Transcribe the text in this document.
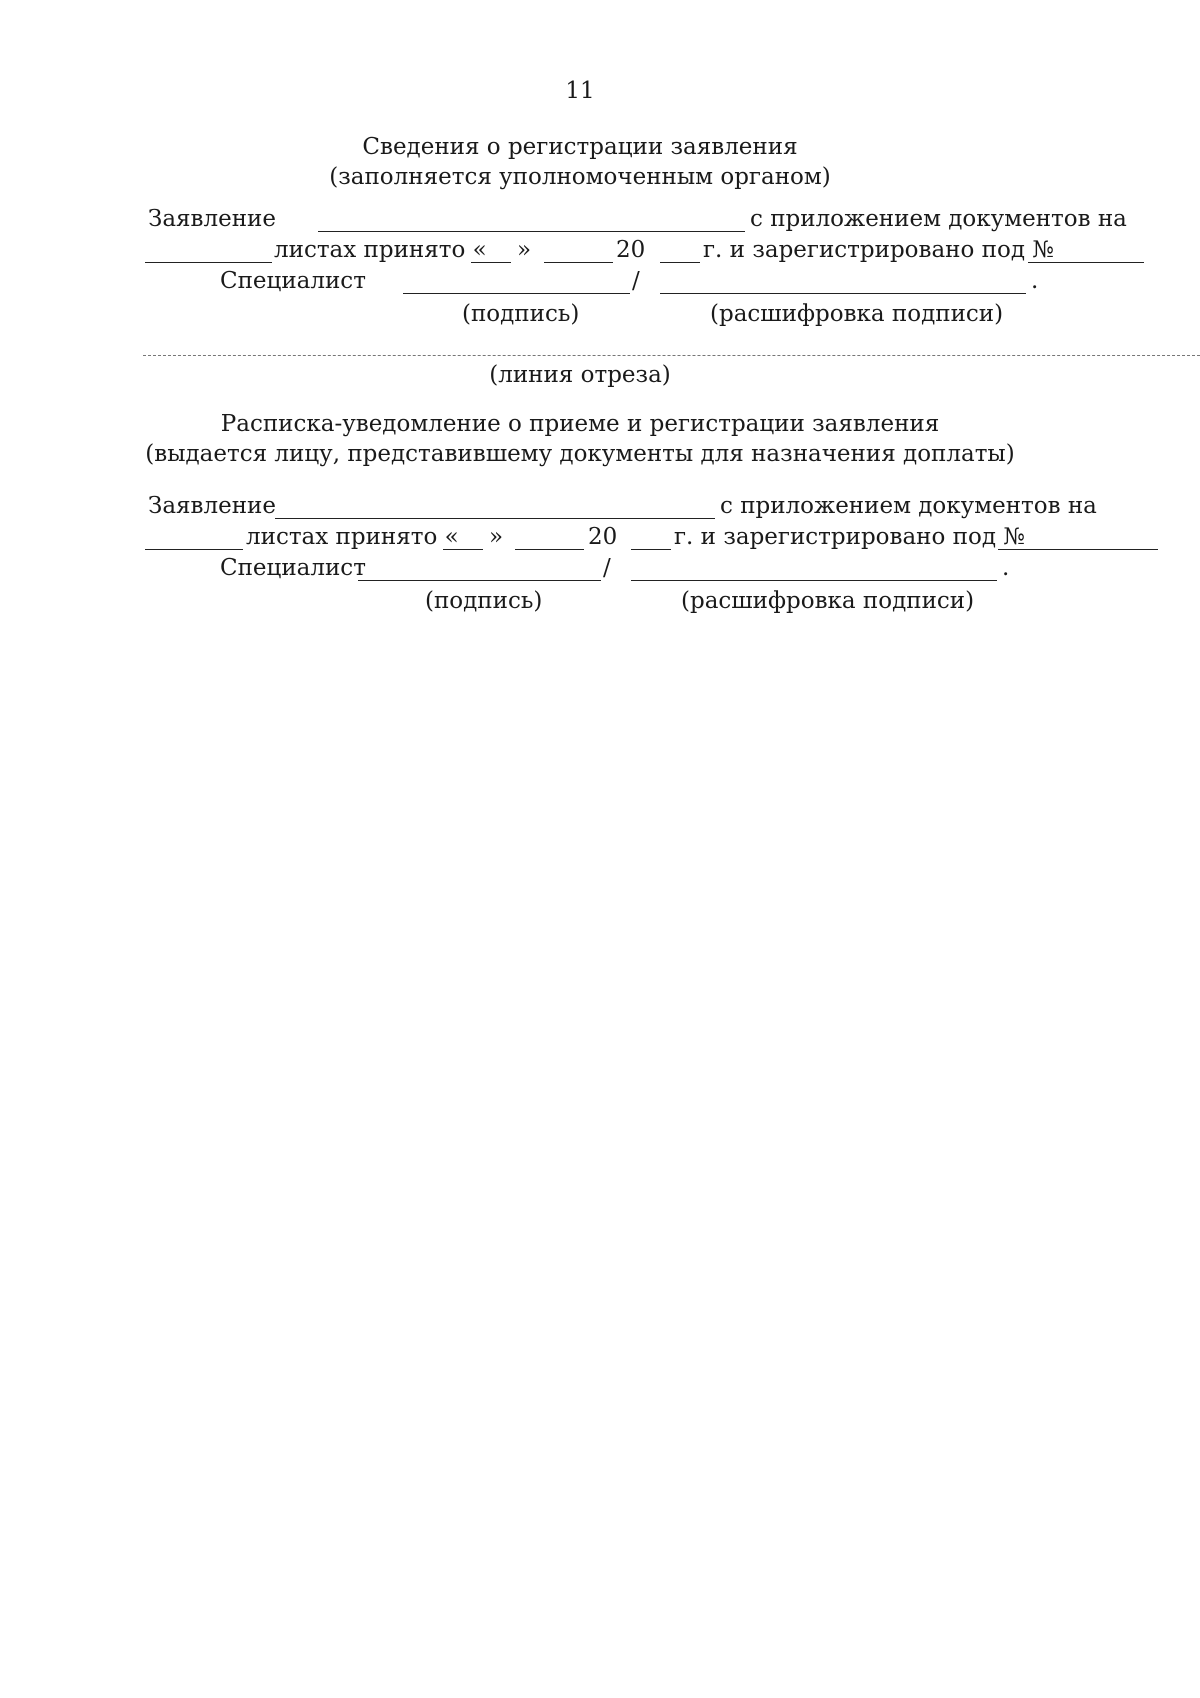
11
Сведения о регистрации заявления
(заполняется уполномоченным органом)
Заявление	с приложением документов на
листах принято « »	20	г. и зарегистрировано под №
Специалист	/	.
(подпись)	(расшифровка подписи)
(линия отреза)
Расписка-уведомление о приеме и регистрации заявления
(выдается лицу, представившему документы для назначения доплаты)
Заявление	с приложением документов на
листах принято « »	20 г. и зарегистрировано под №
Специалист	/	.
(подпись)	(расшифровка подписи)
